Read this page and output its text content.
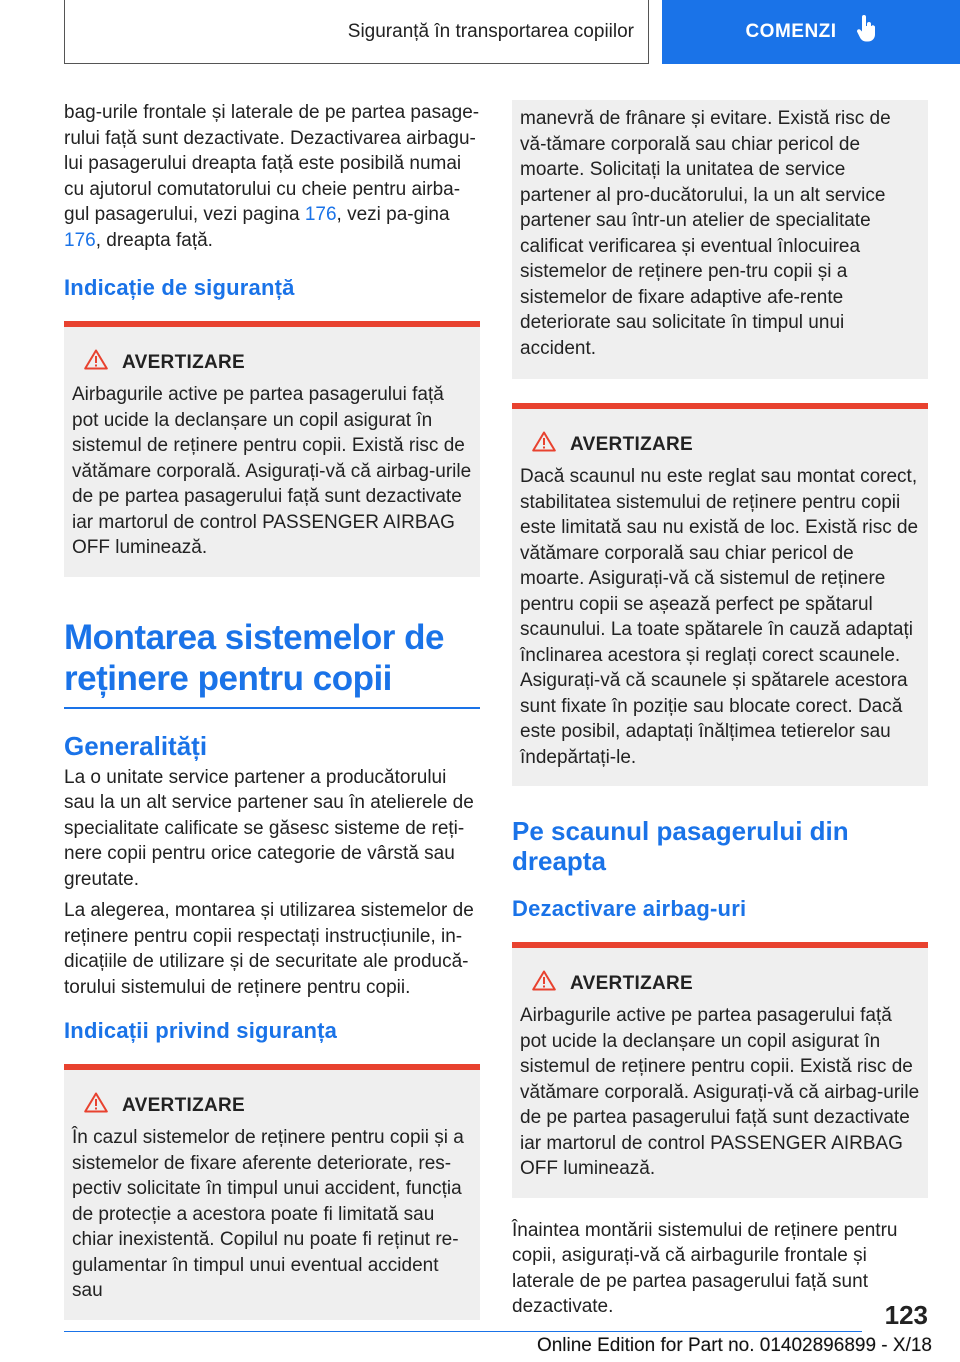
Siguranță în transportarea copiilor	COMENZI

bag-urile frontale și laterale de pe partea pasage-rului față sunt dezactivate. Dezactivarea airbagu-lui pasagerului dreapta față este posibilă numai cu ajutorul comutatorului cu cheie pentru airba-gul pasagerului, vezi pagina 176, vezi pa-gina 176, dreapta față.

Indicație de siguranță
AVERTIZARE

Airbagurile active pe partea pasagerului față pot ucide la declanșare un copil asigurat în sistemul de reținere pentru copii. Există risc de vătămare corporală. Asigurați-vă că airbag-urile de pe partea pasagerului față sunt dezactivate iar martorul de control PASSENGER AIRBAG OFF luminează.

Montarea sistemelor de reținere pentru copii
Generalități

La o unitate service partener a producătorului sau la un alt service partener sau în atelierele de specialitate calificate se găsesc sisteme de reți-nere copii pentru orice categorie de vârstă sau greutate.

La alegerea, montarea și utilizarea sistemelor de reținere pentru copii respectați instrucțiunile, in-dicațiile de utilizare și de securitate ale producă-torului sistemului de reținere pentru copii.

Indicații privind siguranța
AVERTIZARE

În cazul sistemelor de reținere pentru copii și a sistemelor de fixare aferente deteriorate, res-pectiv solicitate în timpul unui accident, funcția de protecție a acestora poate fi limitată sau chiar inexistentă. Copilul nu poate fi reținut re-gulamentar în timpul unui eventual accident sau

manevră de frânare și evitare. Există risc de vă-tămare corporală sau chiar pericol de moarte. Solicitați la unitatea de service partener al pro-ducătorului, la un alt service partener sau într-un atelier de specialitate calificat verificarea și eventual înlocuirea sistemelor de reținere pen-tru copii și a sistemelor de fixare adaptive afe-rente deteriorate sau solicitate în timpul unui accident.

AVERTIZARE

Dacă scaunul nu este reglat sau montat corect, stabilitatea sistemului de reținere pentru copii este limitată sau nu există de loc. Există risc de vătămare corporală sau chiar pericol de moarte. Asigurați-vă că sistemul de reținere pentru copii se așează perfect pe spătarul scaunului. La toate spătarele în cauză adaptați înclinarea acestora și reglați corect scaunele. Asigurați-vă că scaunele și spătarele acestora sunt fixate în poziție sau blocate corect. Dacă este posibil, adaptați înălțimea tetierelor sau îndepărtați-le.

Pe scaunul pasagerului din dreapta
Dezactivare airbag-uri
AVERTIZARE

Airbagurile active pe partea pasagerului față pot ucide la declanșare un copil asigurat în sistemul de reținere pentru copii. Există risc de vătămare corporală. Asigurați-vă că airbag-urile de pe partea pasagerului față sunt dezactivate iar martorul de control PASSENGER AIRBAG OFF luminează.

Înaintea montării sistemului de reținere pentru copii, asigurați-vă că airbagurile frontale și laterale de pe partea pasagerului față sunt dezactivate.	123
Online Edition for Part no. 01402896899 - X/18
